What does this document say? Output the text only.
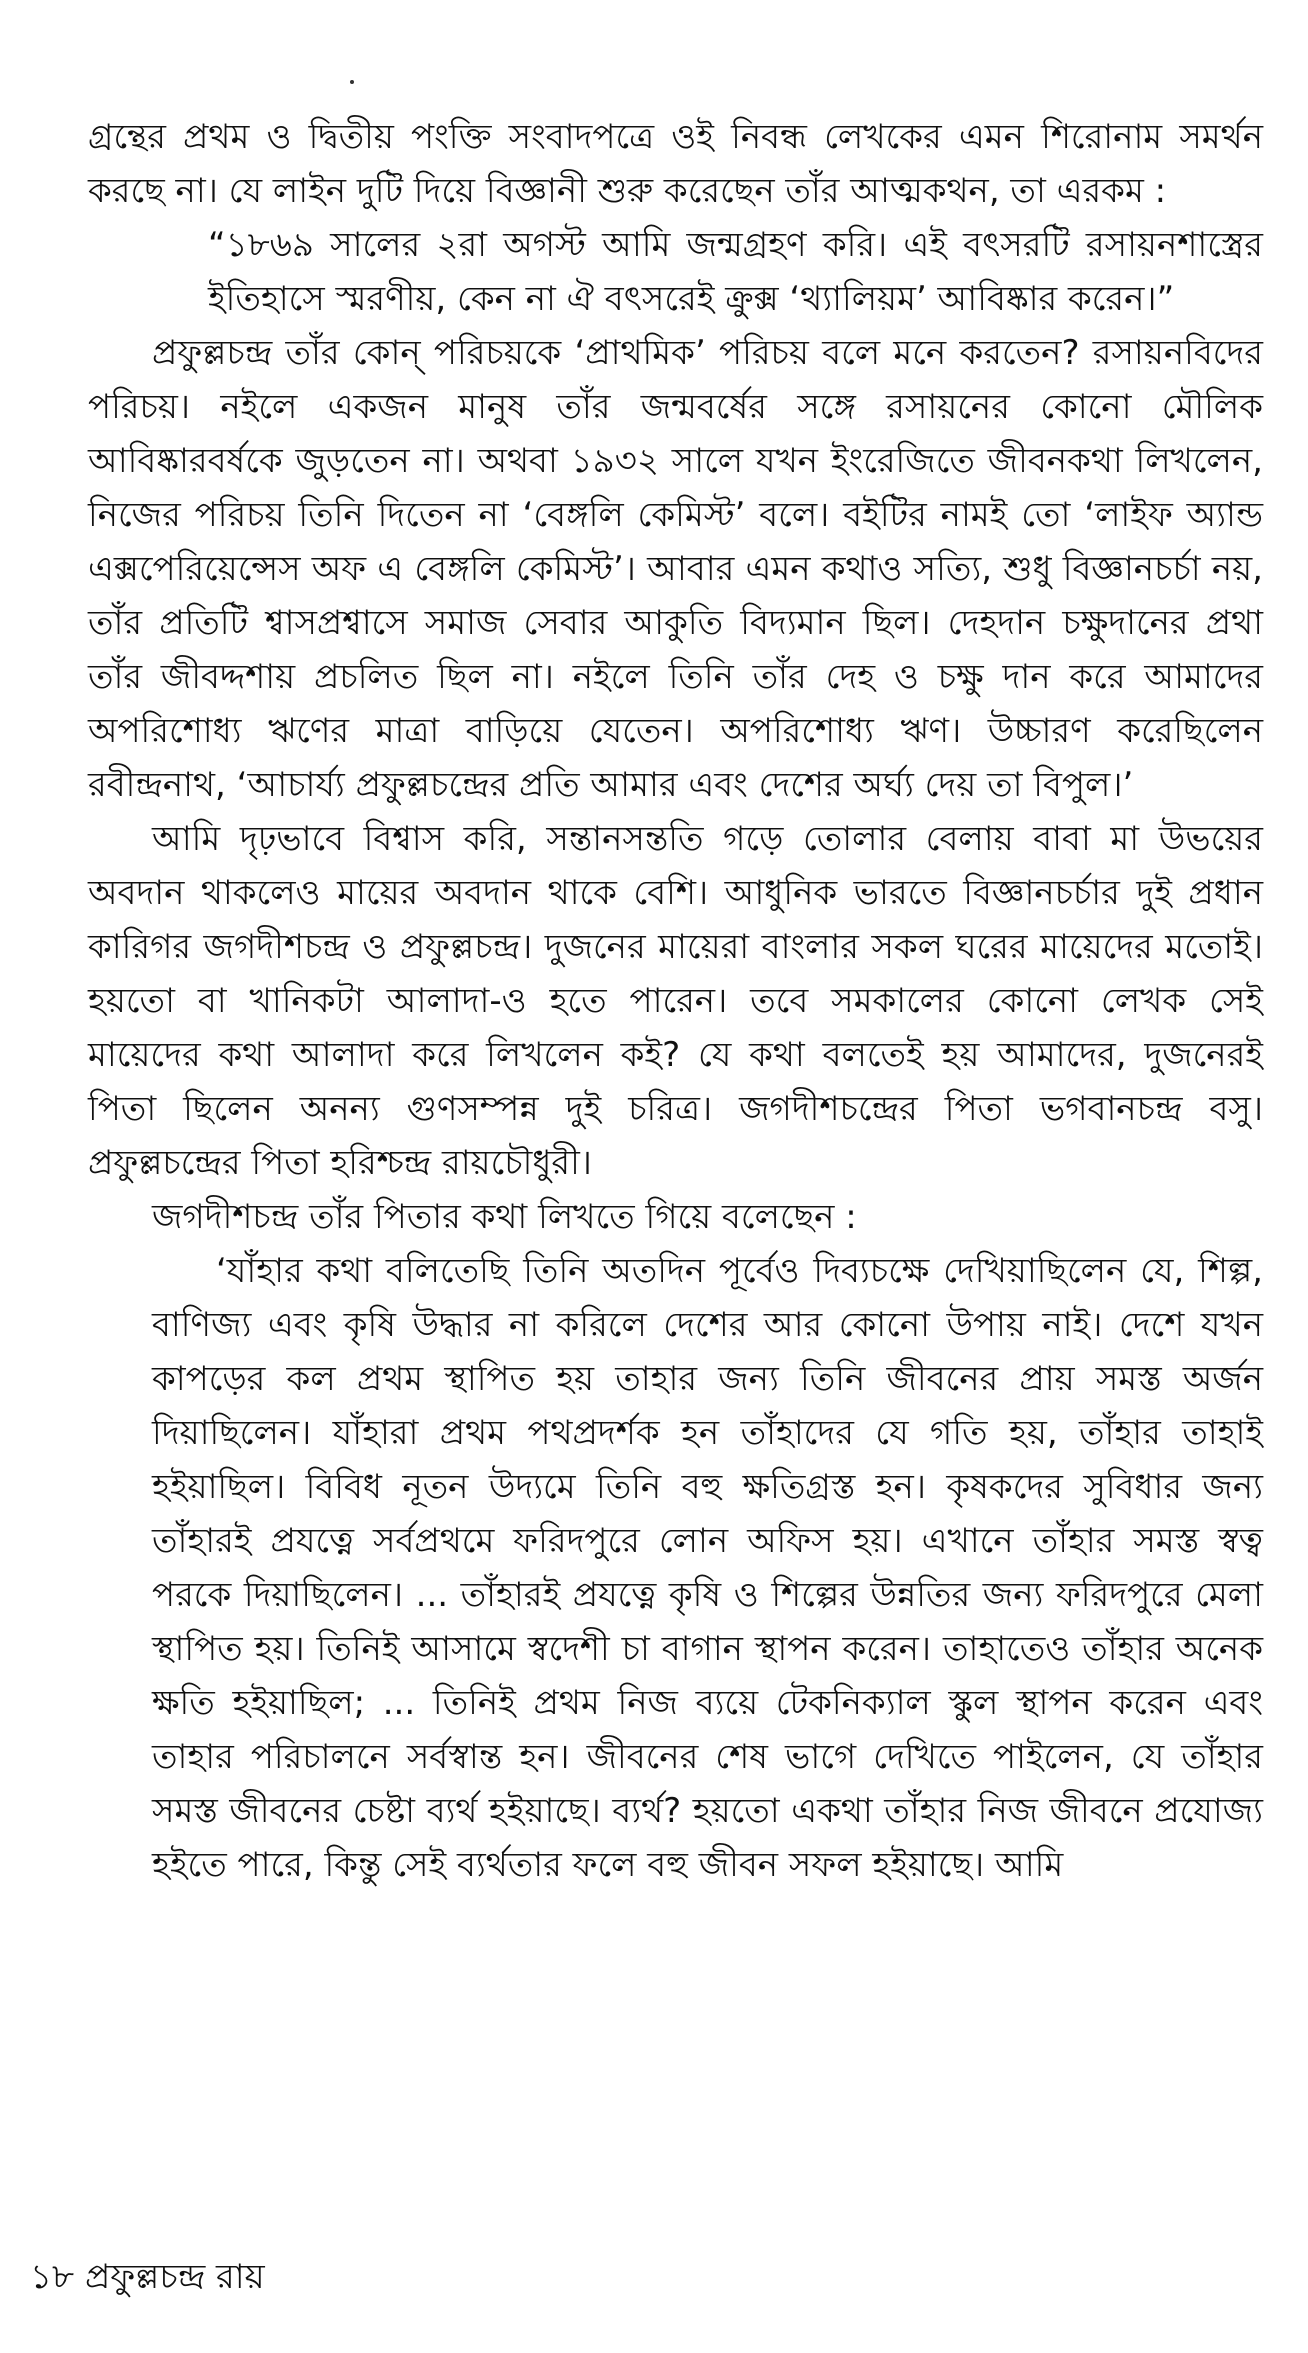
গ্রন্থের প্রথম ও দ্বিতীয় পংক্তি সংবাদপত্রে ওই নিবন্ধ লেখকের এমন শিরোনাম সমর্থন করছে না। যে লাইন দুটি দিয়ে বিজ্ঞানী শুরু করেছেন তাঁর আত্মকথন, তা এরকম :

“১৮৬৯ সালের ২রা অগস্ট আমি জন্মগ্রহণ করি। এই বৎসরটি রসায়নশাস্ত্রের ইতিহাসে স্মরণীয়, কেন না ঐ বৎসরেই ক্রুক্স ‘থ্যালিয়ম’ আবিষ্কার করেন।”

প্রফুল্লচন্দ্র তাঁর কোন্ পরিচয়কে ‘প্রাথমিক’ পরিচয় বলে মনে করতেন? রসায়নবিদের পরিচয়। নইলে একজন মানুষ তাঁর জন্মবর্ষের সঙ্গে রসায়নের কোনো মৌলিক আবিষ্কারবর্ষকে জুড়তেন না। অথবা ১৯৩২ সালে যখন ইংরেজিতে জীবনকথা লিখলেন, নিজের পরিচয় তিনি দিতেন না ‘বেঙ্গলি কেমিস্ট’ বলে। বইটির নামই তো ‘লাইফ অ্যান্ড এক্সপেরিয়েন্সেস অফ এ বেঙ্গলি কেমিস্ট’। আবার এমন কথাও সত্যি, শুধু বিজ্ঞানচর্চা নয়, তাঁর প্রতিটি শ্বাসপ্রশ্বাসে সমাজ সেবার আকুতি বিদ্যমান ছিল। দেহদান চক্ষুদানের প্রথা তাঁর জীবদ্দশায় প্রচলিত ছিল না। নইলে তিনি তাঁর দেহ ও চক্ষু দান করে আমাদের অপরিশোধ্য ঋণের মাত্রা বাড়িয়ে যেতেন। অপরিশোধ্য ঋণ। উচ্চারণ করেছিলেন রবীন্দ্রনাথ, ‘আচার্য্য প্রফুল্লচন্দ্রের প্রতি আমার এবং দেশের অর্ঘ্য দেয় তা বিপুল।’

আমি দৃঢ়ভাবে বিশ্বাস করি, সন্তানসন্ততি গড়ে তোলার বেলায় বাবা মা উভয়ের অবদান থাকলেও মায়ের অবদান থাকে বেশি। আধুনিক ভারতে বিজ্ঞানচর্চার দুই প্রধান কারিগর জগদীশচন্দ্র ও প্রফুল্লচন্দ্র। দুজনের মায়েরা বাংলার সকল ঘরের মায়েদের মতোই। হয়তো বা খানিকটা আলাদা-ও হতে পারেন। তবে সমকালের কোনো লেখক সেই মায়েদের কথা আলাদা করে লিখলেন কই? যে কথা বলতেই হয় আমাদের, দুজনেরই পিতা ছিলেন অনন্য গুণসম্পন্ন দুই চরিত্র। জগদীশচন্দ্রের পিতা ভগবানচন্দ্র বসু। প্রফুল্লচন্দ্রের পিতা হরিশ্চন্দ্র রায়চৌধুরী।

জগদীশচন্দ্র তাঁর পিতার কথা লিখতে গিয়ে বলেছেন :

‘যাঁহার কথা বলিতেছি তিনি অতদিন পূর্বেও দিব্যচক্ষে দেখিয়াছিলেন যে, শিল্প, বাণিজ্য এবং কৃষি উদ্ধার না করিলে দেশের আর কোনো উপায় নাই। দেশে যখন কাপড়ের কল প্রথম স্থাপিত হয় তাহার জন্য তিনি জীবনের প্রায় সমস্ত অর্জন দিয়াছিলেন। যাঁহারা প্রথম পথপ্রদর্শক হন তাঁহাদের যে গতি হয়, তাঁহার তাহাই হইয়াছিল। বিবিধ নূতন উদ্যমে তিনি বহু ক্ষতিগ্রস্ত হন। কৃষকদের সুবিধার জন্য তাঁহারই প্রযত্নে সর্বপ্রথমে ফরিদপুরে লোন অফিস হয়। এখানে তাঁহার সমস্ত স্বত্ব পরকে দিয়াছিলেন। ... তাঁহারই প্রযত্নে কৃষি ও শিল্পের উন্নতির জন্য ফরিদপুরে মেলা স্থাপিত হয়। তিনিই আসামে স্বদেশী চা বাগান স্থাপন করেন। তাহাতেও তাঁহার অনেক ক্ষতি হইয়াছিল; ... তিনিই প্রথম নিজ ব্যয়ে টেকনিক্যাল স্কুল স্থাপন করেন এবং তাহার পরিচালনে সর্বস্বান্ত হন। জীবনের শেষ ভাগে দেখিতে পাইলেন, যে তাঁহার সমস্ত জীবনের চেষ্টা ব্যর্থ হইয়াছে। ব্যর্থ? হয়তো একথা তাঁহার নিজ জীবনে প্রযোজ্য হইতে পারে, কিন্তু সেই ব্যর্থতার ফলে বহু জীবন সফল হইয়াছে। আমি

১৮ প্রফুল্লচন্দ্র রায়
